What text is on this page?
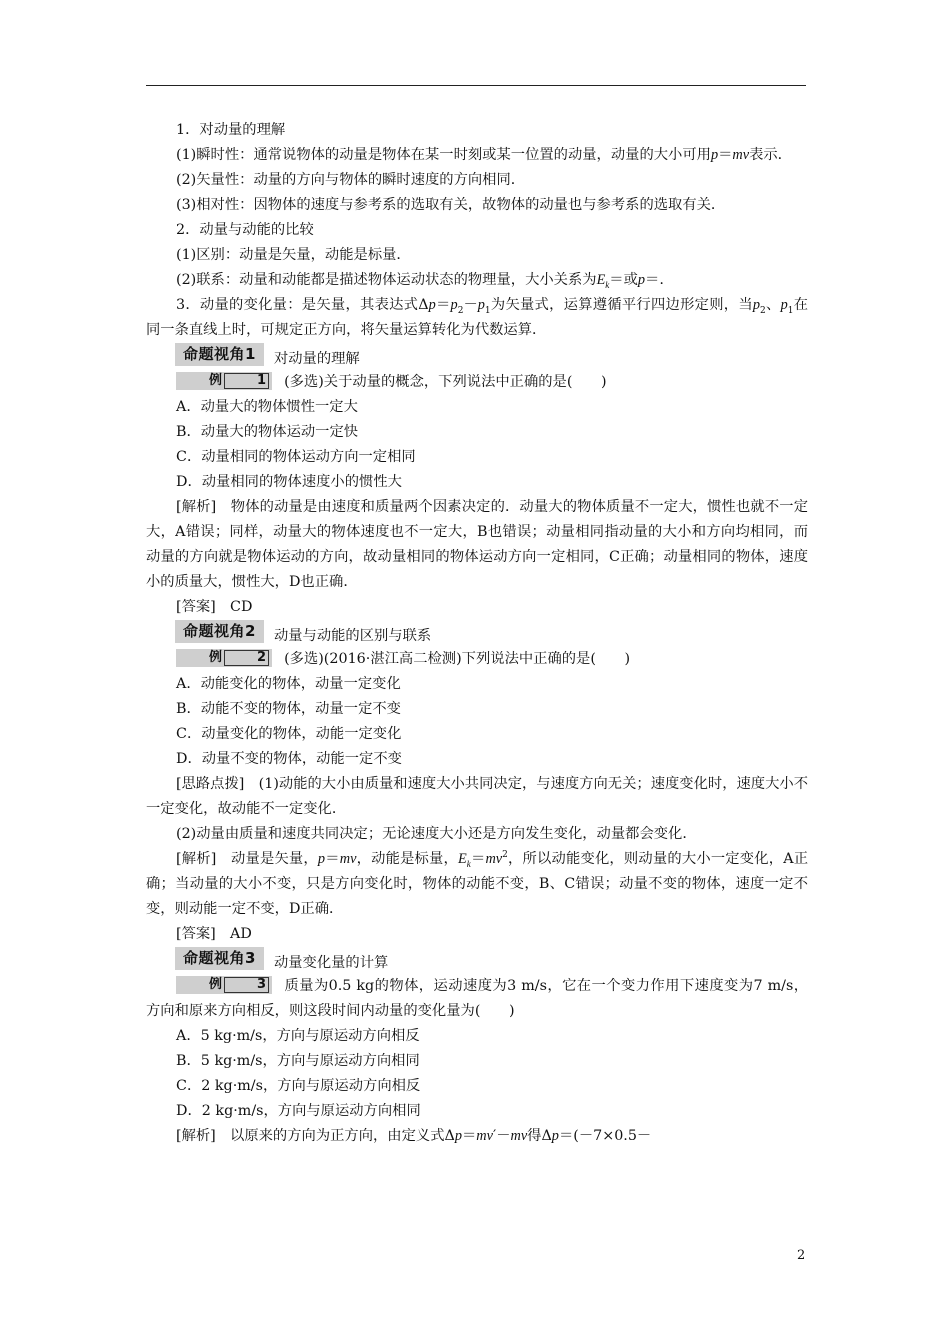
1．对动量的理解

(1)瞬时性：通常说物体的动量是物体在某一时刻或某一位置的动量，动量的大小可用p＝mv表示．

(2)矢量性：动量的方向与物体的瞬时速度的方向相同．

(3)相对性：因物体的速度与参考系的选取有关，故物体的动量也与参考系的选取有关．

2．动量与动能的比较

(1)区别：动量是矢量，动能是标量．

(2)联系：动量和动能都是描述物体运动状态的物理量，大小关系为$E_k=$或p＝.

3．动量的变化量：是矢量，其表达式$\Delta p=p_2-p_1$为矢量式，运算遵循平行四边形定则，当$p_2$、$p_1$在同一条直线上时，可规定正方向，将矢量运算转化为代数运算．

命题视角1	对动量的理解

例	1 (多选)关于动量的概念，下列说法中正确的是(　　)

A．动量大的物体惯性一定大

B．动量大的物体运动一定快

C．动量相同的物体运动方向一定相同

D．动量相同的物体速度小的惯性大

[解析]　物体的动量是由速度和质量两个因素决定的．动量大的物体质量不一定大，惯性也就不一定大，A错误；同样，动量大的物体速度也不一定大，B也错误；动量相同指动量的大小和方向均相同，而动量的方向就是物体运动的方向，故动量相同的物体运动方向一定相同，C正确；动量相同的物体，速度小的质量大，惯性大，D也正确．

[答案]　CD

命题视角2	动量与动能的区别与联系

例	2 (多选)(2016·湛江高二检测)下列说法中正确的是(　　)

A．动能变化的物体，动量一定变化

B．动能不变的物体，动量一定不变

C．动量变化的物体，动能一定变化

D．动量不变的物体，动能一定不变

[思路点拨]　(1)动能的大小由质量和速度大小共同决定，与速度方向无关；速度变化时，速度大小不一定变化，故动能不一定变化．

(2)动量由质量和速度共同决定；无论速度大小还是方向发生变化，动量都会变化．

[解析]　动量是矢量，p＝mv，动能是标量，$E_k=mv^2$，所以动能变化，则动量的大小一定变化，A正确；当动量的大小不变，只是方向变化时，物体的动能不变，B、C错误；动量不变的物体，速度一定不变，则动能一定不变，D正确．

[答案]　AD

命题视角3	动量变化量的计算

例	3 质量为0.5 kg的物体，运动速度为3 m/s，它在一个变力作用下速度变为7 m/s，方向和原来方向相反，则这段时间内动量的变化量为(　　)

A．5 kg·m/s，方向与原运动方向相反

B．5 kg·m/s，方向与原运动方向相同

C．2 kg·m/s，方向与原运动方向相反

D．2 kg·m/s，方向与原运动方向相同

[解析]　以原来的方向为正方向，由定义式Δp＝mv′－mv得Δp＝(－7×0.5－

2
